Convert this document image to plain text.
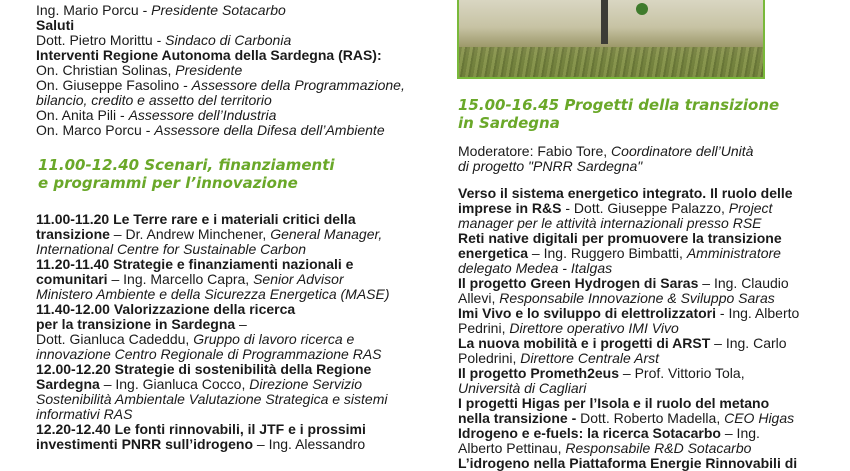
Ing. Mario Porcu - Presidente Sotacarbo
Saluti
Dott. Pietro Morittu - Sindaco di Carbonia
Interventi Regione Autonoma della Sardegna (RAS):
On. Christian Solinas, Presidente
On. Giuseppe Fasolino - Assessore della Programmazione,
bilancio, credito e assetto del territorio
On. Anita Pili - Assessore dell’Industria
On. Marco Porcu - Assessore della Difesa dell’Ambiente
11.00-12.40 Scenari, finanziamenti
e programmi per l’innovazione
11.00-11.20 Le Terre rare e i materiali critici della
transizione – Dr. Andrew Minchener, General Manager,
International Centre for Sustainable Carbon
11.20-11.40 Strategie e finanziamenti nazionali e
comunitari – Ing. Marcello Capra, Senior Advisor
Ministero Ambiente e della Sicurezza Energetica (MASE)
11.40-12.00 Valorizzazione della ricerca
per la transizione in Sardegna –
Dott. Gianluca Cadeddu, Gruppo di lavoro ricerca e
innovazione Centro Regionale di Programmazione RAS
12.00-12.20 Strategie di sostenibilità della Regione
Sardegna – Ing. Gianluca Cocco, Direzione Servizio
Sostenibilità Ambientale Valutazione Strategica e sistemi
informativi RAS
12.20-12.40 Le fonti rinnovabili, il JTF e i prossimi
investimenti PNRR sull’idrogeno – Ing. Alessandro
15.00-16.45 Progetti della transizione
in Sardegna
Moderatore: Fabio Tore, Coordinatore dell’Unità
di progetto "PNRR Sardegna"
Verso il sistema energetico integrato. Il ruolo delle
imprese in R&S - Dott. Giuseppe Palazzo, Project
manager per le attività internazionali presso RSE
Reti native digitali per promuovere la transizione
energetica – Ing. Ruggero Bimbatti, Amministratore
delegato Medea - Italgas
Il progetto Green Hydrogen di Saras – Ing. Claudio
Allevi, Responsabile Innovazione & Sviluppo Saras
Imi Vivo e lo sviluppo di elettrolizzatori - Ing. Alberto
Pedrini, Direttore operativo IMI Vivo
La nuova mobilità e i progetti di ARST – Ing. Carlo
Poledrini, Direttore Centrale Arst
Il progetto Prometh2eus – Prof. Vittorio Tola,
Università di Cagliari
I progetti Higas per l’Isola e il ruolo del metano
nella transizione - Dott. Roberto Madella, CEO Higas
Idrogeno e e-fuels: la ricerca Sotacarbo – Ing.
Alberto Pettinau, Responsabile R&D Sotacarbo
L’idrogeno nella Piattaforma Energie Rinnovabili di
